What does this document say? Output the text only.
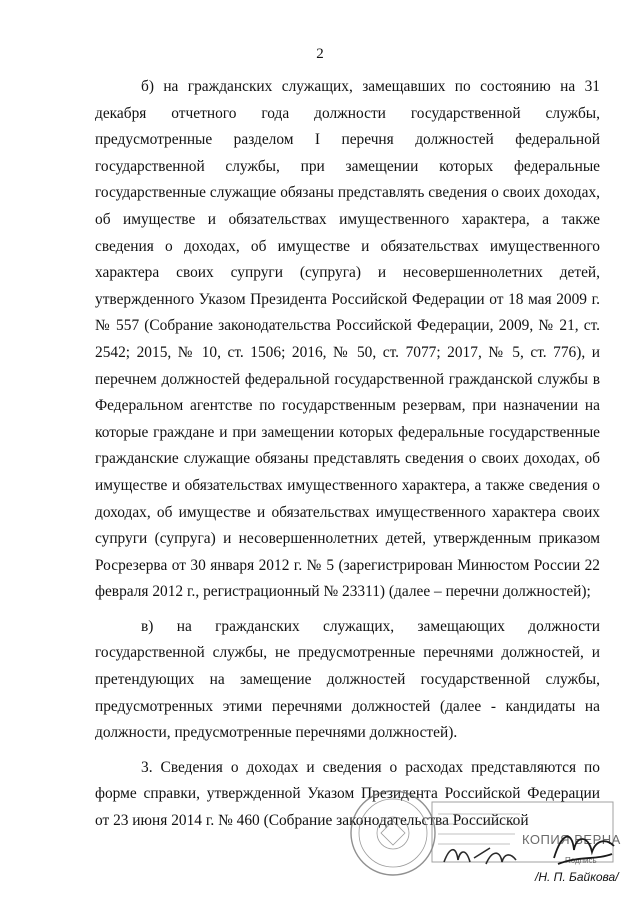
2

б) на гражданских служащих, замещавших по состоянию на 31 декабря отчетного года должности государственной службы, предусмотренные разделом I перечня должностей федеральной государственной службы, при замещении которых федеральные государственные служащие обязаны представлять сведения о своих доходах, об имуществе и обязательствах имущественного характера, а также сведения о доходах, об имуществе и обязательствах имущественного характера своих супруги (супруга) и несовершеннолетних детей, утвержденного Указом Президента Российской Федерации от 18 мая 2009 г. № 557 (Собрание законодательства Российской Федерации, 2009, № 21, ст. 2542; 2015, № 10, ст. 1506; 2016, № 50, ст. 7077; 2017, № 5, ст. 776), и перечнем должностей федеральной государственной гражданской службы в Федеральном агентстве по государственным резервам, при назначении на которые граждане и при замещении которых федеральные государственные гражданские служащие обязаны представлять сведения о своих доходах, об имуществе и обязательствах имущественного характера, а также сведения о доходах, об имуществе и обязательствах имущественного характера своих супруги (супруга) и несовершеннолетних детей, утвержденным приказом Росрезерва от 30 января 2012 г. № 5 (зарегистрирован Минюстом России 22 февраля 2012 г., регистрационный № 23311) (далее – перечни должностей);

в) на гражданских служащих, замещающих должности государственной службы, не предусмотренные перечнями должностей, и претендующих на замещение должностей государственной службы, предусмотренных этими перечнями должностей (далее - кандидаты на должности, предусмотренные перечнями должностей).

3. Сведения о доходах и сведения о расходах представляются по форме справки, утвержденной Указом Президента Российской Федерации от 23 июня 2014 г. № 460 (Собрание законодательства Российской

КОПИЯ ВЕРНА
Подпись
/Н. П. Байкова/
